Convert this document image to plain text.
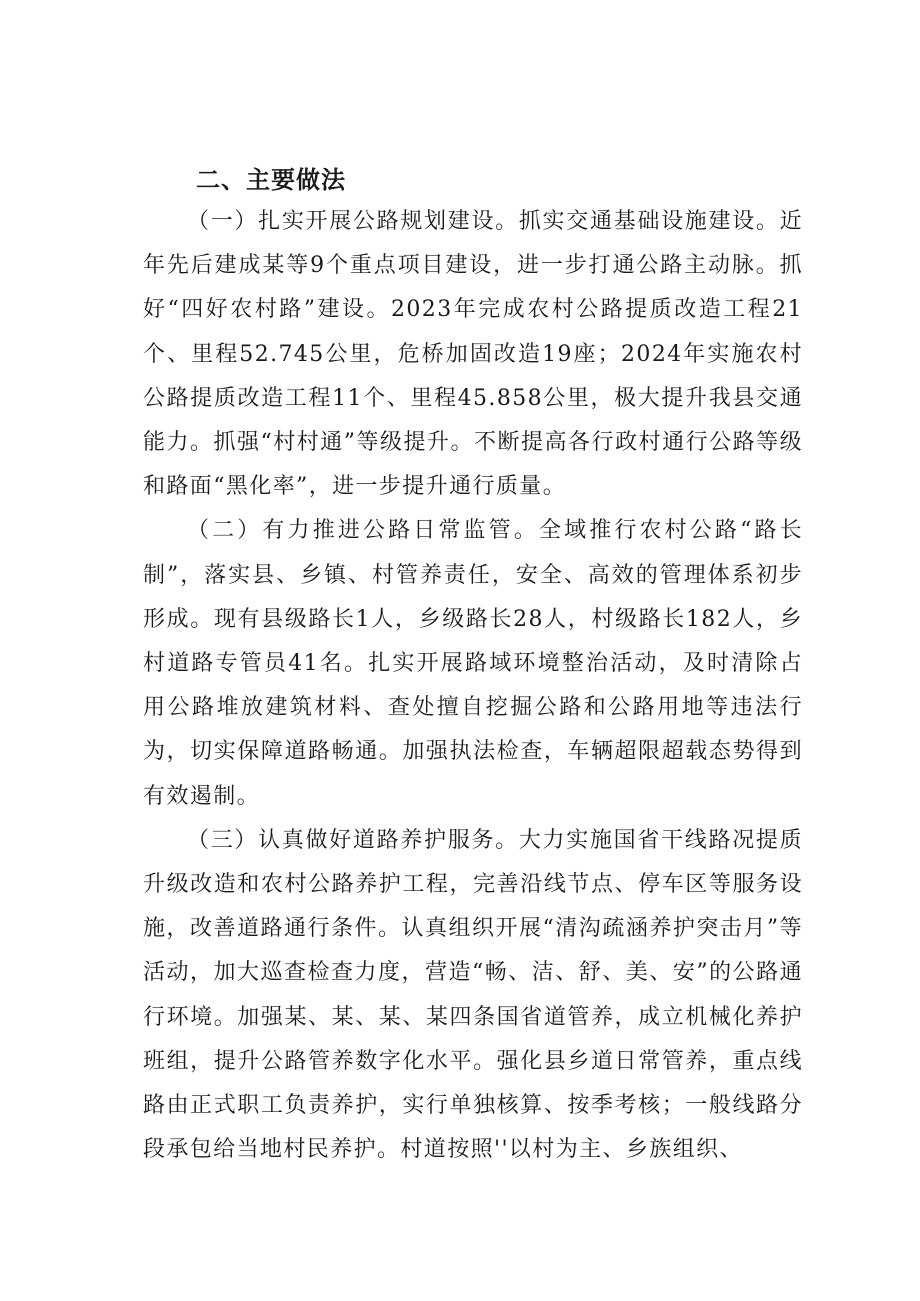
二、主要做法

（一）扎实开展公路规划建设。抓实交通基础设施建设。近年先后建成某等9个重点项目建设，进一步打通公路主动脉。抓好“四好农村路”建设。2023年完成农村公路提质改造工程21个、里程52.745公里，危桥加固改造19座；2024年实施农村公路提质改造工程11个、里程45.858公里，极大提升我县交通能力。抓强“村村通”等级提升。不断提高各行政村通行公路等级和路面“黑化率”，进一步提升通行质量。

（二）有力推进公路日常监管。全域推行农村公路“路长制”，落实县、乡镇、村管养责任，安全、高效的管理体系初步形成。现有县级路长1人，乡级路长28人，村级路长182人，乡村道路专管员41名。扎实开展路域环境整治活动，及时清除占用公路堆放建筑材料、查处擅自挖掘公路和公路用地等违法行为，切实保障道路畅通。加强执法检查，车辆超限超载态势得到有效遏制。

（三）认真做好道路养护服务。大力实施国省干线路况提质升级改造和农村公路养护工程，完善沿线节点、停车区等服务设施，改善道路通行条件。认真组织开展“清沟疏涵养护突击月”等活动，加大巡查检查力度，营造“畅、洁、舒、美、安”的公路通行环境。加强某、某、某、某四条国省道管养，成立机械化养护班组，提升公路管养数字化水平。强化县乡道日常管养，重点线路由正式职工负责养护，实行单独核算、按季考核；一般线路分段承包给当地村民养护。村道按照''以村为主、乡族组织、
